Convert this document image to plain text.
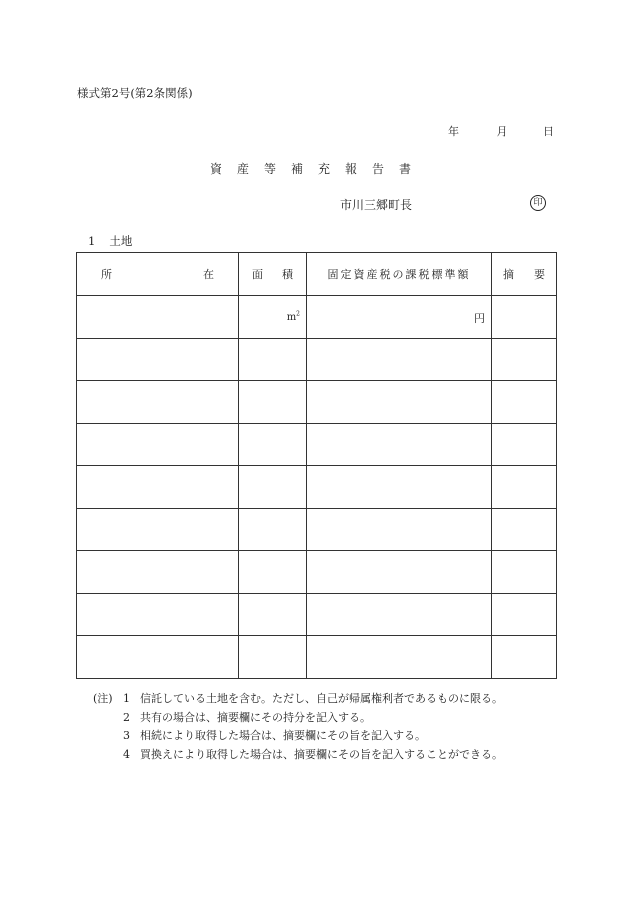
様式第2号(第2条関係)
年	月	日
資産等補充報告書
市川三郷町長	印
1 土地
所 在	面 積	固定資産税の課税標準額	摘 要

	$m^2$	円	

(注) 1 信託している土地を含む。ただし、自己が帰属権利者であるものに限る。
2 共有の場合は、摘要欄にその持分を記入する。
3 相続により取得した場合は、摘要欄にその旨を記入する。
4 買換えにより取得した場合は、摘要欄にその旨を記入することができる。
